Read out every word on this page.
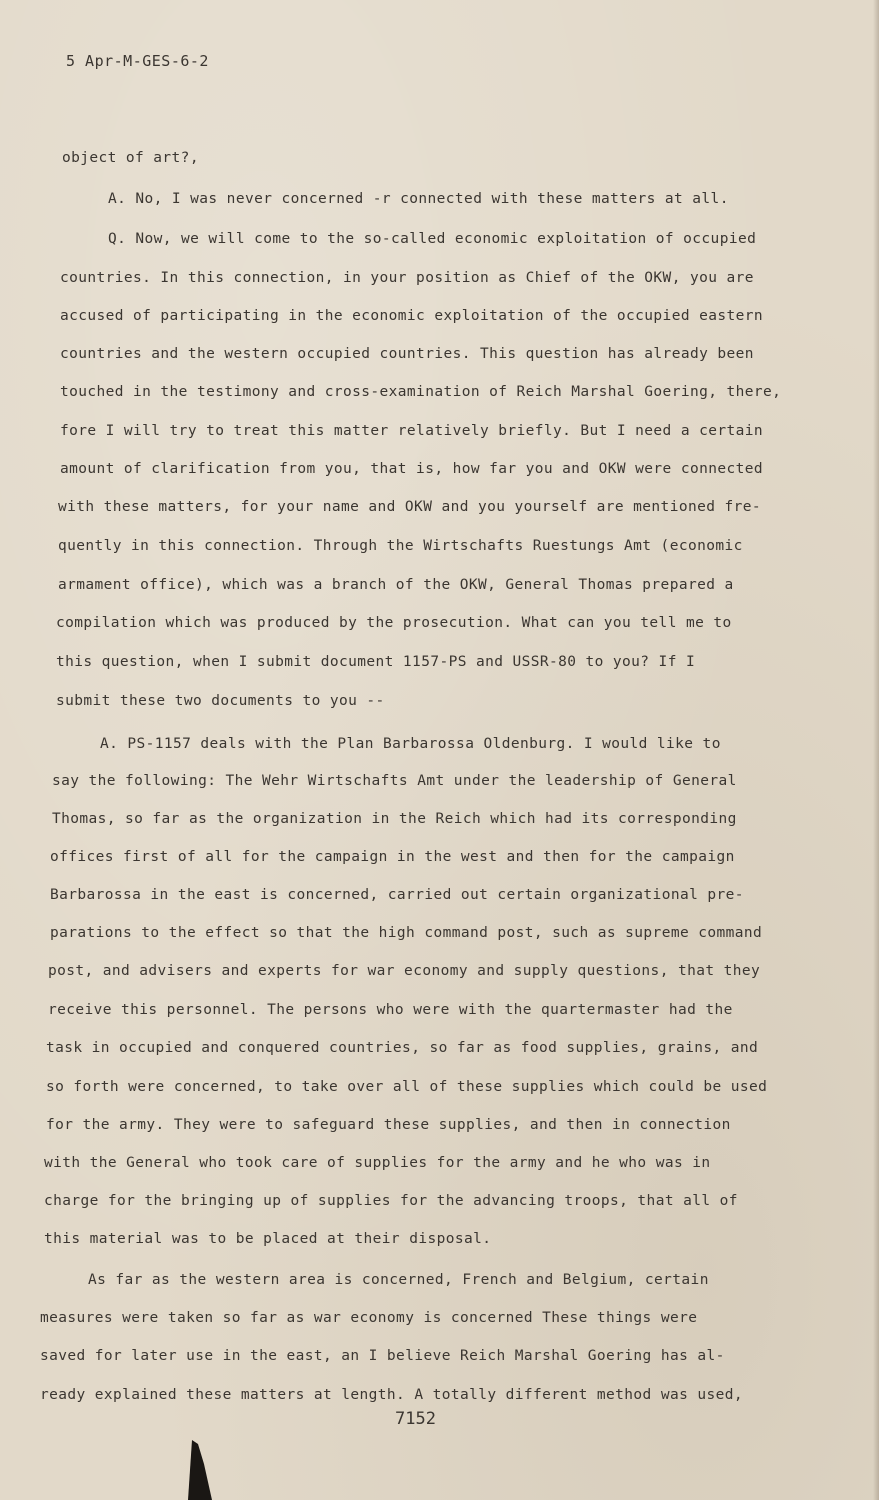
5 Apr-M-GES-6-2
object of art?,
A. No, I was never concerned -r connected with these matters at all.
Q. Now, we will come to the so-called economic exploitation of occupied
countries. In this connection, in your position as Chief of the OKW, you are
accused of participating in the economic exploitation of the occupied eastern
countries and the western occupied countries. This question has already been
touched in the testimony and cross-examination of Reich Marshal Goering, there,
fore I will try to treat this matter relatively briefly. But I need a certain
amount of clarification from you, that is, how far you and OKW were connected
with these matters, for your name and OKW and you yourself are mentioned fre-
quently in this connection. Through the Wirtschafts Ruestungs Amt (economic
armament office), which was a branch of the OKW, General Thomas prepared a
compilation which was produced by the prosecution. What can you tell me to
this question, when I submit document 1157-PS and USSR-80 to you? If I
submit these two documents to you --
A. PS-1157 deals with the Plan Barbarossa Oldenburg. I would like to
say the following: The Wehr Wirtschafts Amt under the leadership of General
Thomas, so far as the organization in the Reich which had its corresponding
offices first of all for the campaign in the west and then for the campaign
Barbarossa in the east is concerned, carried out certain organizational pre-
parations to the effect so that the high command post, such as supreme command
post, and advisers and experts for war economy and supply questions, that they
receive this personnel. The persons who were with the quartermaster had the
task in occupied and conquered countries, so far as food supplies, grains, and
so forth were concerned, to take over all of these supplies which could be used
for the army. They were to safeguard these supplies, and then in connection
with the General who took care of supplies for the army and he who was in
charge for the bringing up of supplies for the advancing troops, that all of
this material was to be placed at their disposal.
As far as the western area is concerned, French and Belgium, certain
measures were taken so far as war economy is concerned These things were
saved for later use in the east, an I believe Reich Marshal Goering has al-
ready explained these matters at length. A totally different method was used,
7152
